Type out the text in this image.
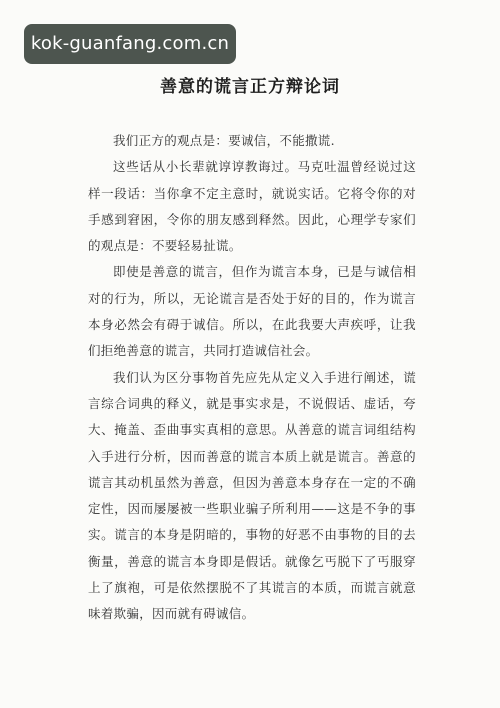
kok-guanfang.com.cn
善意的谎言正方辩论词

我们正方的观点是：要诚信，不能撒谎.

这些话从小长辈就谆谆教诲过。马克吐温曾经说过这样一段话：当你拿不定主意时，就说实话。它将令你的对手感到窘困，令你的朋友感到释然。因此，心理学专家们的观点是：不要轻易扯谎。

即使是善意的谎言，但作为谎言本身，已是与诚信相对的行为，所以，无论谎言是否处于好的目的，作为谎言本身必然会有碍于诚信。所以，在此我要大声疾呼，让我们拒绝善意的谎言，共同打造诚信社会。

我们认为区分事物首先应先从定义入手进行阐述，谎言综合词典的释义，就是事实求是，不说假话、虚话，夸大、掩盖、歪曲事实真相的意思。从善意的谎言词组结构入手进行分析，因而善意的谎言本质上就是谎言。善意的谎言其动机虽然为善意，但因为善意本身存在一定的不确定性，因而屡屡被一些职业骗子所利用——这是不争的事实。谎言的本身是阴暗的，事物的好恶不由事物的目的去衡量，善意的谎言本身即是假话。就像乞丐脱下了丐服穿上了旗袍，可是依然摆脱不了其谎言的本质，而谎言就意味着欺骗，因而就有碍诚信。
